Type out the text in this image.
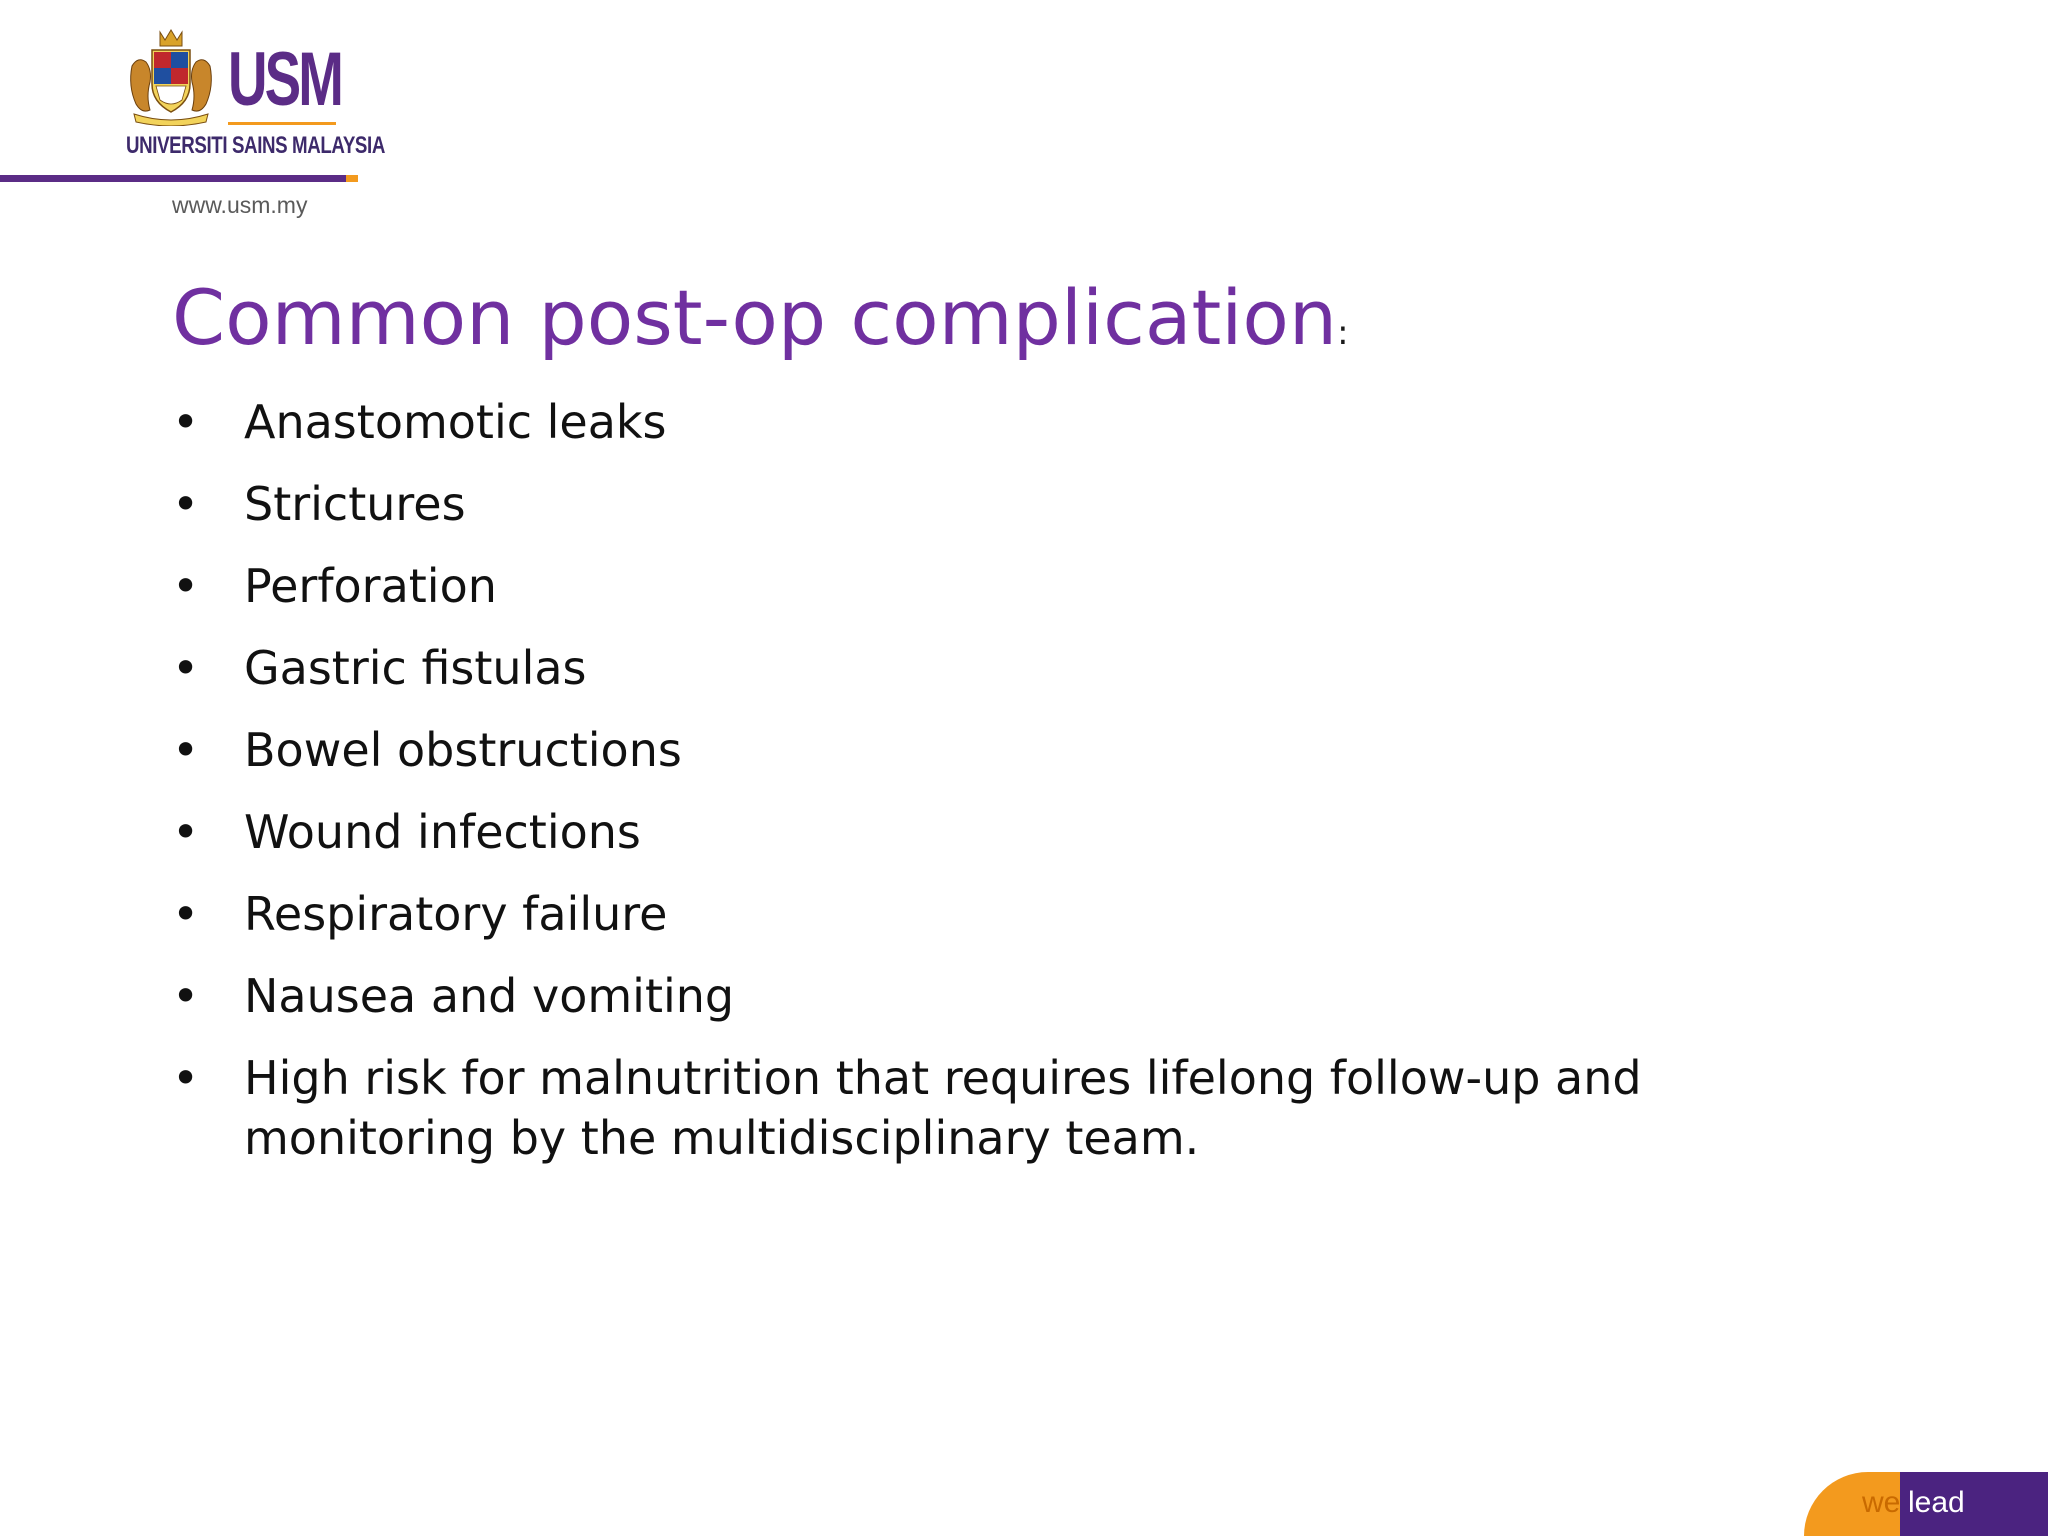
USM
UNIVERSITI SAINS MALAYSIA
www.usm.my
Common post-op complication:
• Anastomotic leaks
• Strictures
• Perforation
• Gastric fistulas
• Bowel obstructions
• Wound infections
• Respiratory failure
• Nausea and vomiting
• High risk for malnutrition that requires lifelong follow-up and monitoring by the multidisciplinary team.
we lead
